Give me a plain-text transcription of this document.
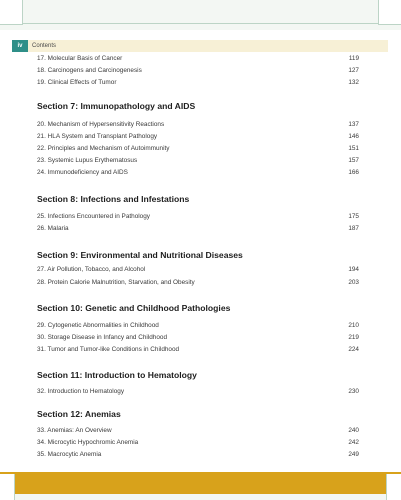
iv	Contents
17. Molecular Basis of Cancer	119
18. Carcinogens and Carcinogenesis	127
19. Clinical Effects of Tumor	132
Section 7: Immunopathology and AIDS
20. Mechanism of Hypersensitivity Reactions	137
21. HLA System and Transplant Pathology	146
22. Principles and Mechanism of Autoimmunity	151
23. Systemic Lupus Erythematosus	157
24. Immunodeficiency and AIDS	166
Section 8: Infections and Infestations
25. Infections Encountered in Pathology	175
26. Malaria	187
Section 9: Environmental and Nutritional Diseases
27. Air Pollution, Tobacco, and Alcohol	194
28. Protein Calorie Malnutrition, Starvation, and Obesity	203
Section 10: Genetic and Childhood Pathologies
29. Cytogenetic Abnormalities in Childhood	210
30. Storage Disease in Infancy and Childhood	219
31. Tumor and Tumor-like Conditions in Childhood	224
Section 11: Introduction to Hematology
32. Introduction to Hematology	230
Section 12: Anemias
33. Anemias: An Overview	240
34. Microcytic Hypochromic Anemia	242
35. Macrocytic Anemia	249
